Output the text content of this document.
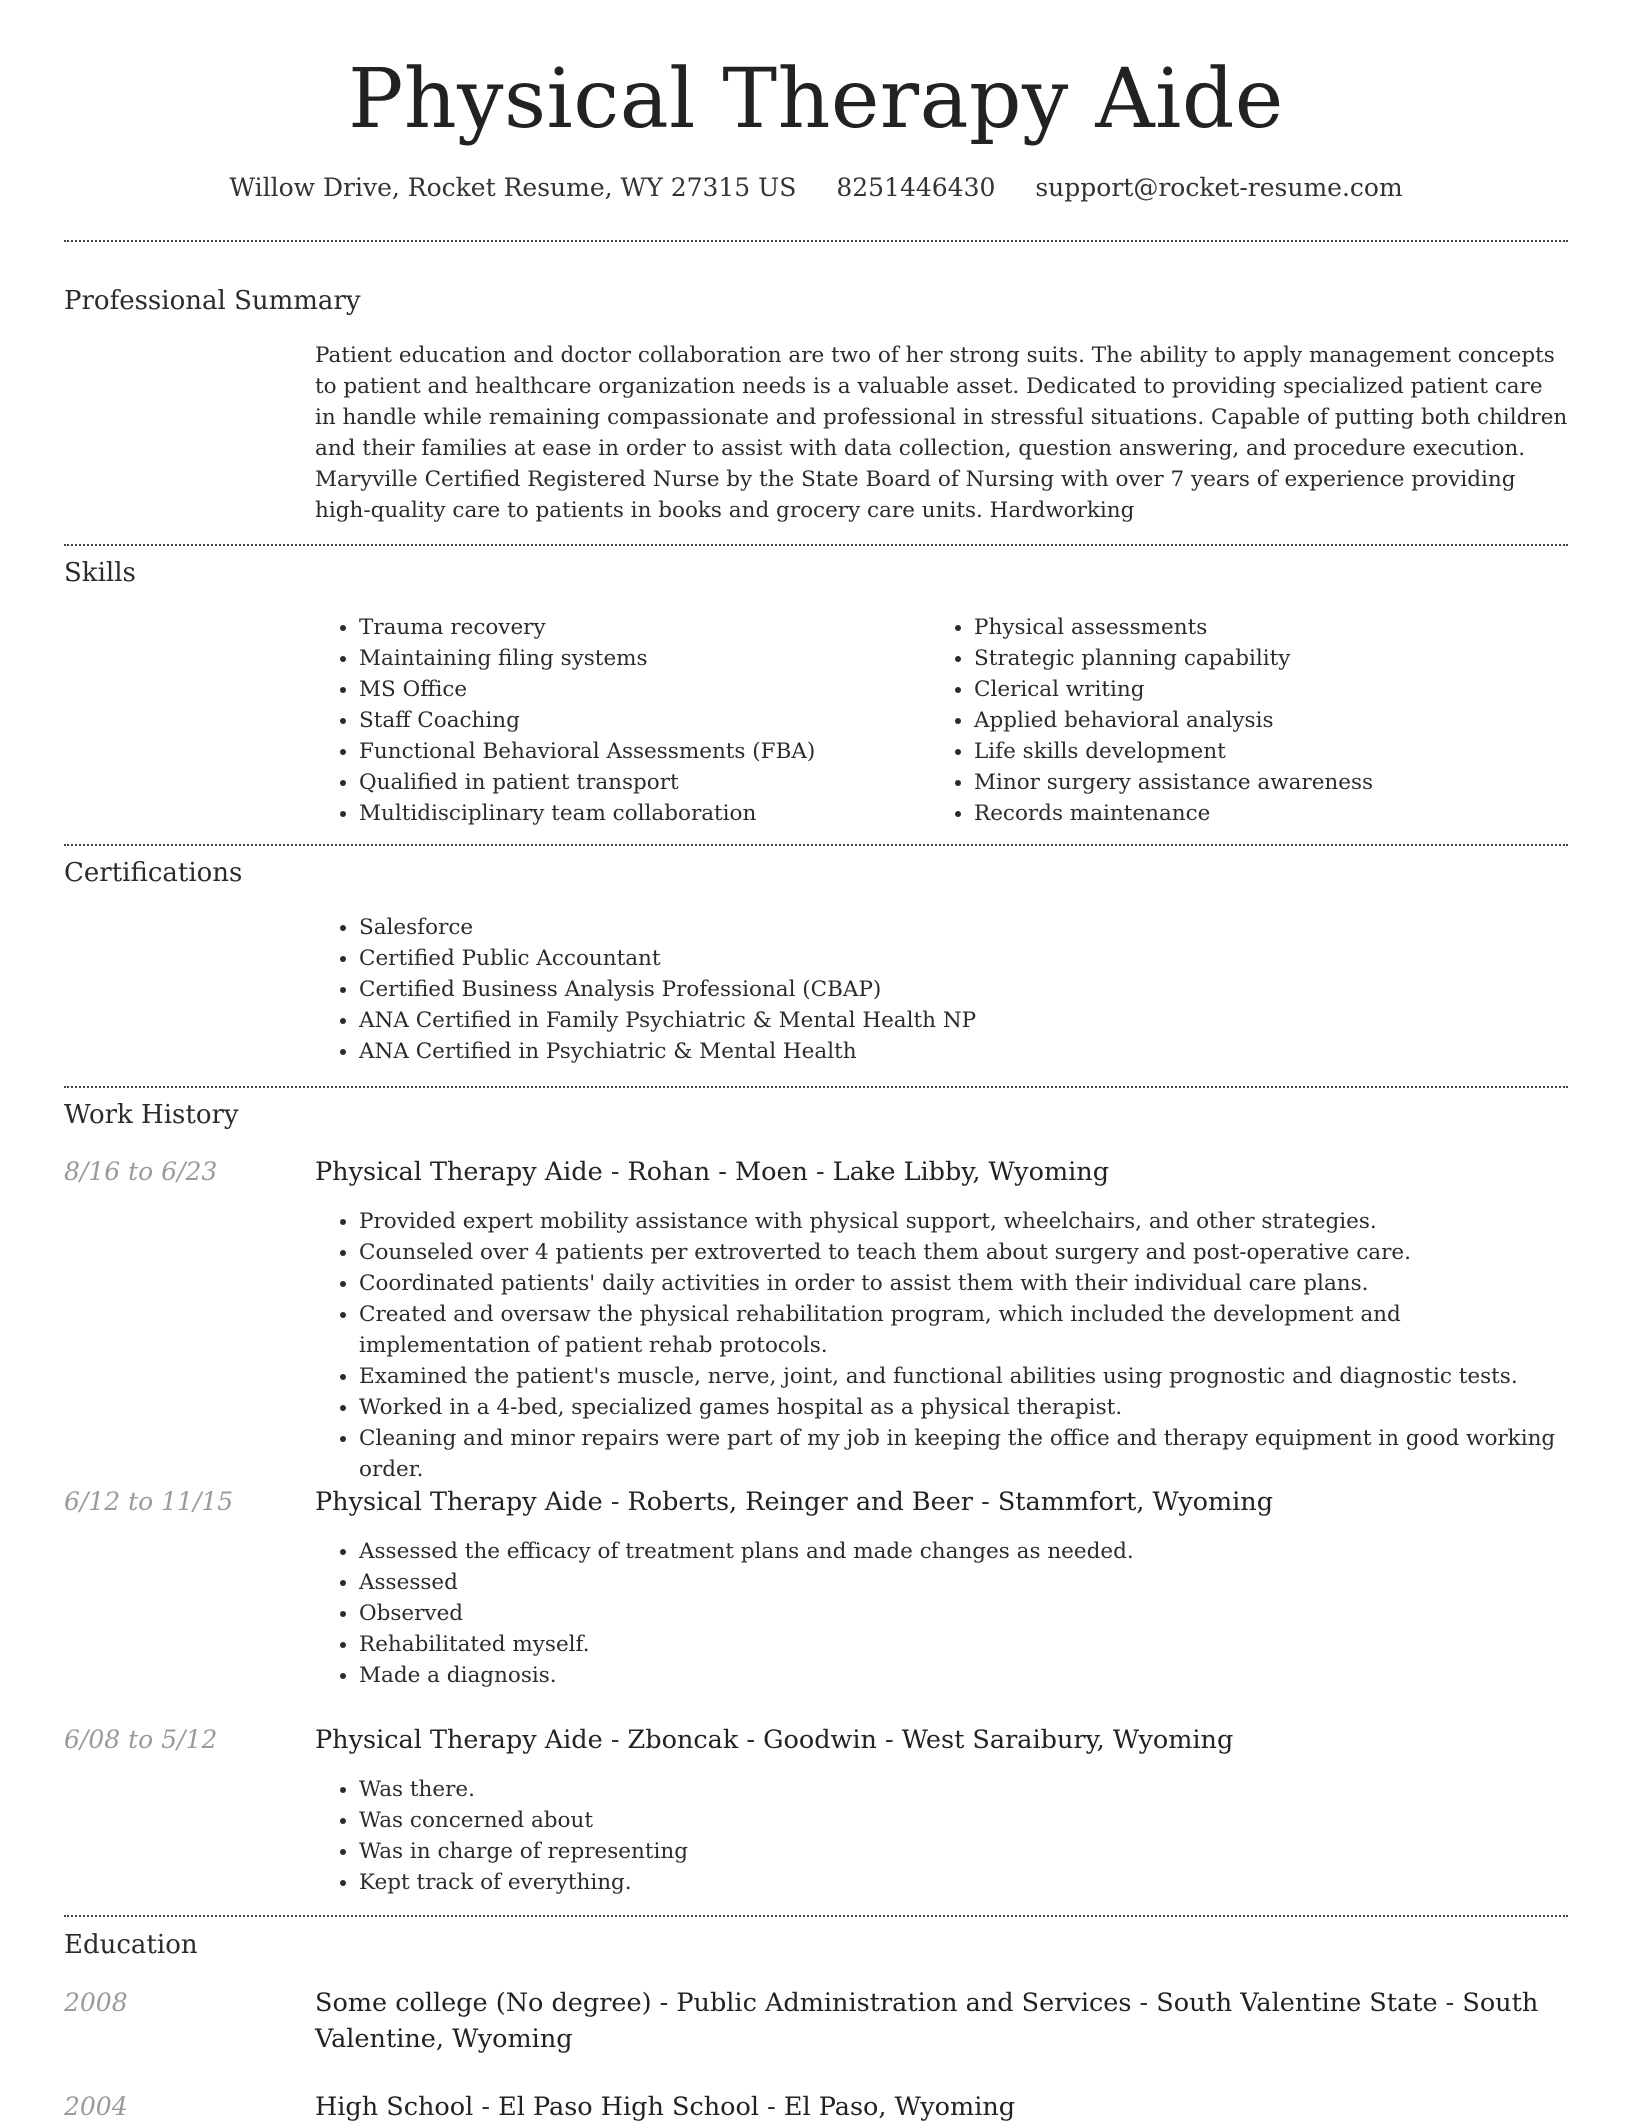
Physical Therapy Aide
Willow Drive, Rocket Resume, WY 27315 US 8251446430 support@rocket-resume.com
Professional Summary
Patient education and doctor collaboration are two of her strong suits. The ability to apply management concepts to patient and healthcare organization needs is a valuable asset. Dedicated to providing specialized patient care in handle while remaining compassionate and professional in stressful situations. Capable of putting both children and their families at ease in order to assist with data collection, question answering, and procedure execution. Maryville Certified Registered Nurse by the State Board of Nursing with over 7 years of experience providing high-quality care to patients in books and grocery care units. Hardworking
Skills
• Trauma recovery
• Maintaining filing systems
• MS Office
• Staff Coaching
• Functional Behavioral Assessments (FBA)
• Qualified in patient transport
• Multidisciplinary team collaboration
• Physical assessments
• Strategic planning capability
• Clerical writing
• Applied behavioral analysis
• Life skills development
• Minor surgery assistance awareness
• Records maintenance
Certifications
• Salesforce
• Certified Public Accountant
• Certified Business Analysis Professional (CBAP)
• ANA Certified in Family Psychiatric & Mental Health NP
• ANA Certified in Psychiatric & Mental Health
Work History
8/16 to 6/23	Physical Therapy Aide - Rohan - Moen - Lake Libby, Wyoming
• Provided expert mobility assistance with physical support, wheelchairs, and other strategies.
• Counseled over 4 patients per extroverted to teach them about surgery and post-operative care.
• Coordinated patients' daily activities in order to assist them with their individual care plans.
• Created and oversaw the physical rehabilitation program, which included the development and implementation of patient rehab protocols.
• Examined the patient's muscle, nerve, joint, and functional abilities using prognostic and diagnostic tests.
• Worked in a 4-bed, specialized games hospital as a physical therapist.
• Cleaning and minor repairs were part of my job in keeping the office and therapy equipment in good working order.
6/12 to 11/15	Physical Therapy Aide - Roberts, Reinger and Beer - Stammfort, Wyoming
• Assessed the efficacy of treatment plans and made changes as needed.
• Assessed
• Observed
• Rehabilitated myself.
• Made a diagnosis.
6/08 to 5/12	Physical Therapy Aide - Zboncak - Goodwin - West Saraibury, Wyoming
• Was there.
• Was concerned about
• Was in charge of representing
• Kept track of everything.
Education
2008	Some college (No degree) - Public Administration and Services - South Valentine State - South Valentine, Wyoming
2004	High School - El Paso High School - El Paso, Wyoming
